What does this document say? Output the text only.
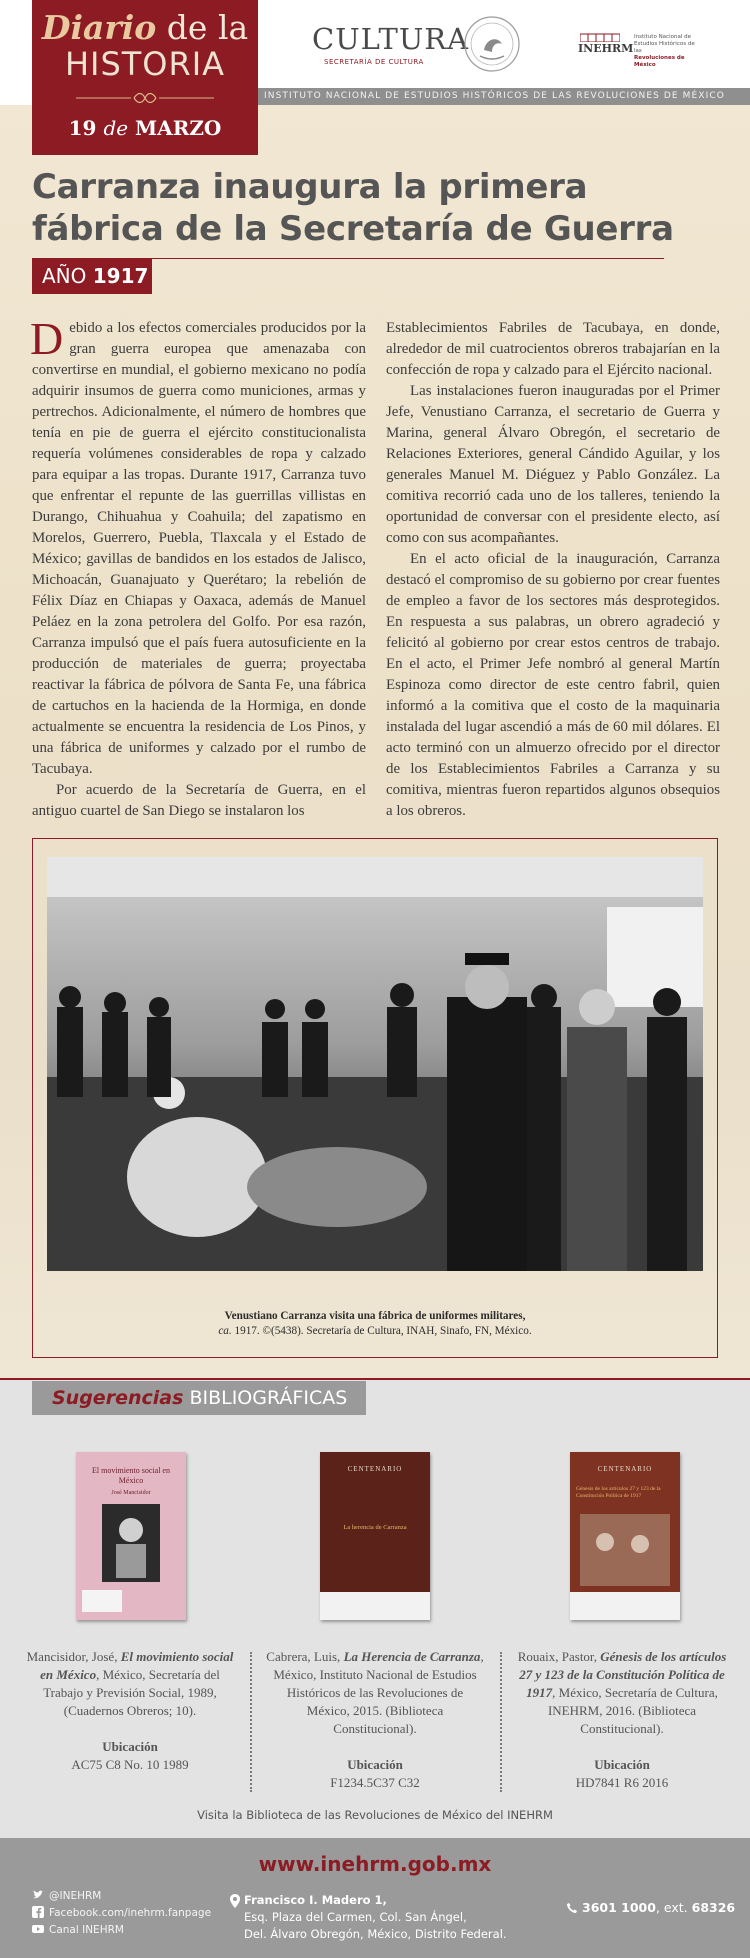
INSTITUTO NACIONAL DE ESTUDIOS HISTÓRICOS DE LAS REVOLUCIONES DE MÉXICO
Diario de la
HISTORIA
19 de MARZO
CULTURA
SECRETARÍA DE CULTURA
INEHRM
Instituto Nacional de
Estudios Históricos de las
Revoluciones de México
Carranza inaugura la primera
fábrica de la Secretaría de Guerra
AÑO 1917

Debido a los efectos comerciales producidos por la gran guerra europea que amenazaba con convertirse en mundial, el gobierno mexicano no podía adquirir insumos de guerra como municiones, armas y pertrechos. Adicionalmente, el número de hombres que tenía en pie de guerra el ejército constitucionalista requería volúmenes considerables de ropa y calzado para equipar a las tropas. Durante 1917, Carranza tuvo que enfrentar el repunte de las guerrillas villistas en Durango, Chihuahua y Coahuila; del zapatismo en Morelos, Guerrero, Puebla, Tlaxcala y el Estado de México; gavillas de bandidos en los estados de Jalisco, Michoacán, Guanajuato y Querétaro; la rebelión de Félix Díaz en Chiapas y Oaxaca, además de Manuel Peláez en la zona petrolera del Golfo. Por esa razón, Carranza impulsó que el país fuera autosuficiente en la producción de materiales de guerra; proyectaba reactivar la fábrica de pólvora de Santa Fe, una fábrica de cartuchos en la hacienda de la Hormiga, en donde actualmente se encuentra la residencia de Los Pinos, y una fábrica de uniformes y calzado por el rumbo de Tacubaya.

Por acuerdo de la Secretaría de Guerra, en el antiguo cuartel de San Diego se instalaron los

Establecimientos Fabriles de Tacubaya, en donde, alrededor de mil cuatrocientos obreros trabajarían en la confección de ropa y calzado para el Ejército nacional.

Las instalaciones fueron inauguradas por el Primer Jefe, Venustiano Carranza, el secretario de Guerra y Marina, general Álvaro Obregón, el secretario de Relaciones Exteriores, general Cándido Aguilar, y los generales Manuel M. Diéguez y Pablo González. La comitiva recorrió cada uno de los talleres, teniendo la oportunidad de conversar con el presidente electo, así como con sus acompañantes.

En el acto oficial de la inauguración, Carranza destacó el compromiso de su gobierno por crear fuentes de empleo a favor de los sectores más desprotegidos. En respuesta a sus palabras, un obrero agradeció y felicitó al gobierno por crear estos centros de trabajo. En el acto, el Primer Jefe nombró al general Martín Espinoza como director de este centro fabril, quien informó a la comitiva que el costo de la maquinaria instalada del lugar ascendió a más de 60 mil dólares. El acto terminó con un almuerzo ofrecido por el director de los Establecimientos Fabriles a Carranza y su comitiva, mientras fueron repartidos algunos obsequios a los obreros.

Venustiano Carranza visita una fábrica de uniformes militares,
ca. 1917. ©(5438). Secretaría de Cultura, INAH, Sinafo, FN, México.
Sugerencias BIBLIOGRÁFICAS
El movimiento social en México
José Mancisidor
CENTENARIO
La herencia de Carranza
CENTENARIO
Génesis de los artículos 27 y 123 de la Constitución Política de 1917
Mancisidor, José, El movimiento social en México, México, Secretaría del Trabajo y Previsión Social, 1989, (Cuadernos Obreros; 10).
Ubicación
AC75 C8 No. 10 1989
Cabrera, Luis, La Herencia de Carranza, México, Instituto Nacional de Estudios Históricos de las Revoluciones de México, 2015. (Biblioteca Constitucional).
Ubicación
F1234.5C37 C32
Rouaix, Pastor, Génesis de los artículos 27 y 123 de la Constitución Política de 1917, México, Secretaría de Cultura, INEHRM, 2016. (Biblioteca Constitucional).
Ubicación
HD7841 R6 2016
Visita la Biblioteca de las Revoluciones de México del INEHRM
www.inehrm.gob.mx
@INEHRM
Facebook.com/inehrm.fanpage
Canal INEHRM
Francisco I. Madero 1,
Esq. Plaza del Carmen, Col. San Ángel,
Del. Álvaro Obregón, México, Distrito Federal.
3601 1000, ext. 68326
